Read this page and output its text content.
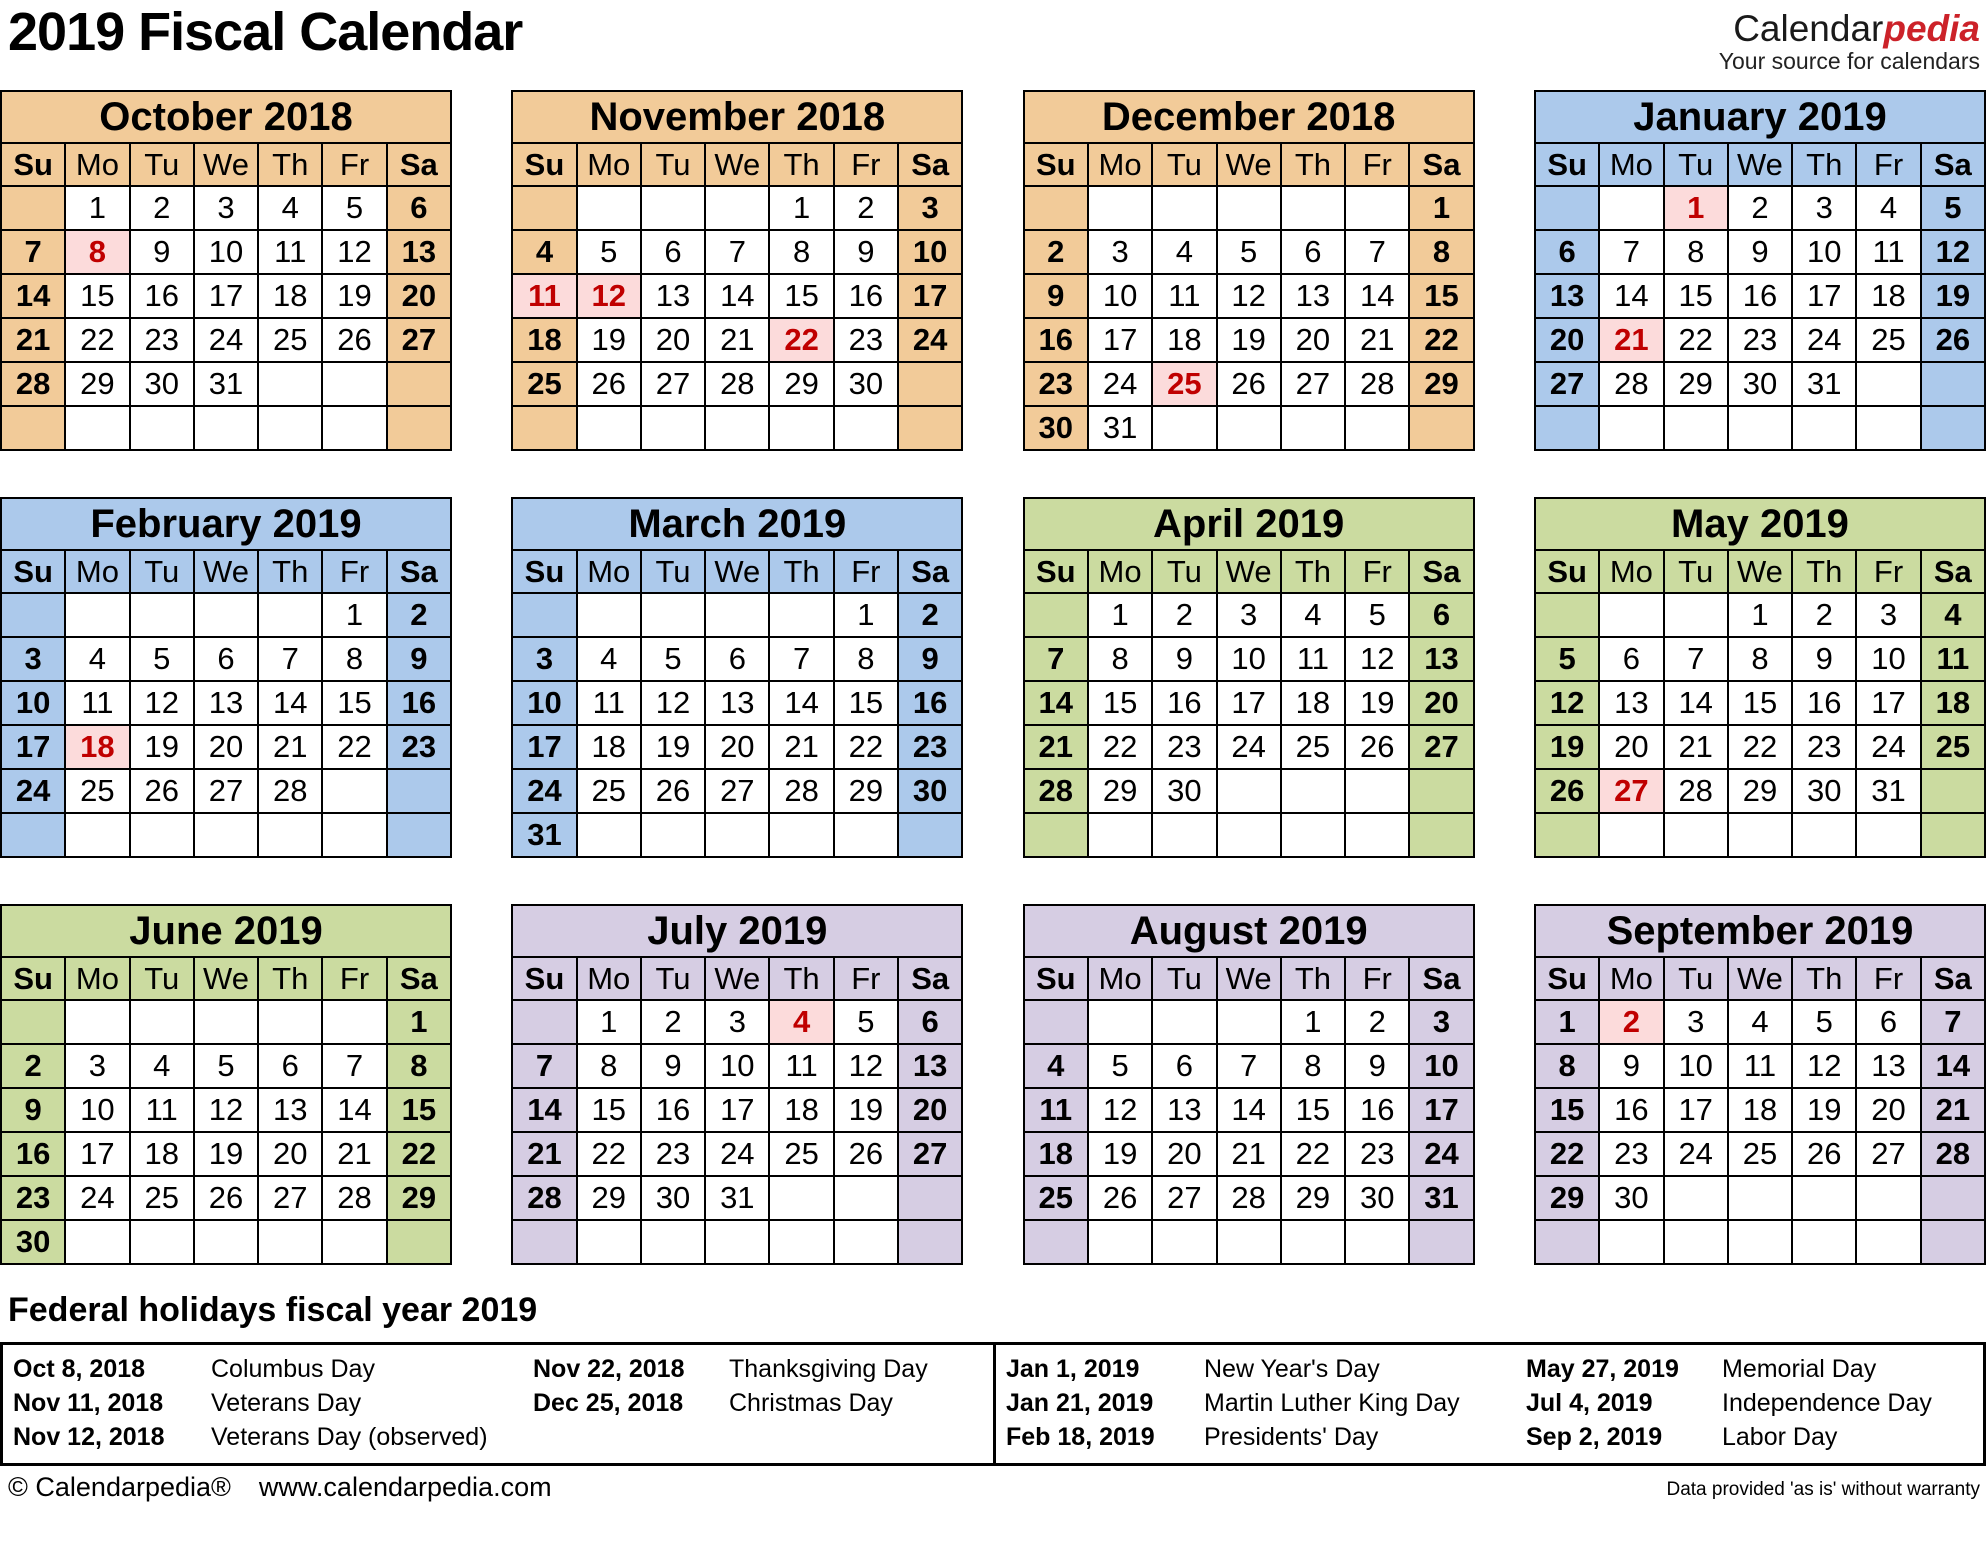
2019 Fiscal Calendar	Calendarpedia
Your source for calendars
October 2018						
Su	Mo	Tu	We	Th	Fr	Sa
	1	2	3	4	5	6
7	8	9	10	11	12	13
14	15	16	17	18	19	20
21	22	23	24	25	26	27
28	29	30	31			

November 2018						
Su	Mo	Tu	We	Th	Fr	Sa
				1	2	3
4	5	6	7	8	9	10
11	12	13	14	15	16	17
18	19	20	21	22	23	24
25	26	27	28	29	30	

December 2018						
Su	Mo	Tu	We	Th	Fr	Sa
						1
2	3	4	5	6	7	8
9	10	11	12	13	14	15
16	17	18	19	20	21	22
23	24	25	26	27	28	29
30	31					
January 2019						
Su	Mo	Tu	We	Th	Fr	Sa
		1	2	3	4	5
6	7	8	9	10	11	12
13	14	15	16	17	18	19
20	21	22	23	24	25	26
27	28	29	30	31		

February 2019						
Su	Mo	Tu	We	Th	Fr	Sa
					1	2
3	4	5	6	7	8	9
10	11	12	13	14	15	16
17	18	19	20	21	22	23
24	25	26	27	28		

March 2019						
Su	Mo	Tu	We	Th	Fr	Sa
					1	2
3	4	5	6	7	8	9
10	11	12	13	14	15	16
17	18	19	20	21	22	23
24	25	26	27	28	29	30
31						
April 2019						
Su	Mo	Tu	We	Th	Fr	Sa
	1	2	3	4	5	6
7	8	9	10	11	12	13
14	15	16	17	18	19	20
21	22	23	24	25	26	27
28	29	30				

May 2019						
Su	Mo	Tu	We	Th	Fr	Sa
			1	2	3	4
5	6	7	8	9	10	11
12	13	14	15	16	17	18
19	20	21	22	23	24	25
26	27	28	29	30	31	

June 2019						
Su	Mo	Tu	We	Th	Fr	Sa
						1
2	3	4	5	6	7	8
9	10	11	12	13	14	15
16	17	18	19	20	21	22
23	24	25	26	27	28	29
30						
July 2019						
Su	Mo	Tu	We	Th	Fr	Sa
	1	2	3	4	5	6
7	8	9	10	11	12	13
14	15	16	17	18	19	20
21	22	23	24	25	26	27
28	29	30	31			

August 2019						
Su	Mo	Tu	We	Th	Fr	Sa
				1	2	3
4	5	6	7	8	9	10
11	12	13	14	15	16	17
18	19	20	21	22	23	24
25	26	27	28	29	30	31

September 2019						
Su	Mo	Tu	We	Th	Fr	Sa
1	2	3	4	5	6	7
8	9	10	11	12	13	14
15	16	17	18	19	20	21
22	23	24	25	26	27	28
29	30					

Federal holidays fiscal year 2019
Oct 8, 2018	Columbus Day	Nov 22, 2018	Thanksgiving Day
Nov 11, 2018	Veterans Day	Dec 25, 2018	Christmas Day
Nov 12, 2018	Veterans Day (observed)
Jan 1, 2019	New Year's Day	May 27, 2019	Memorial Day
Jan 21, 2019	Martin Luther King Day	Jul 4, 2019	Independence Day
Feb 18, 2019	Presidents' Day	Sep 2, 2019	Labor Day
© Calendarpedia® www.calendarpedia.com	Data provided 'as is' without warranty
